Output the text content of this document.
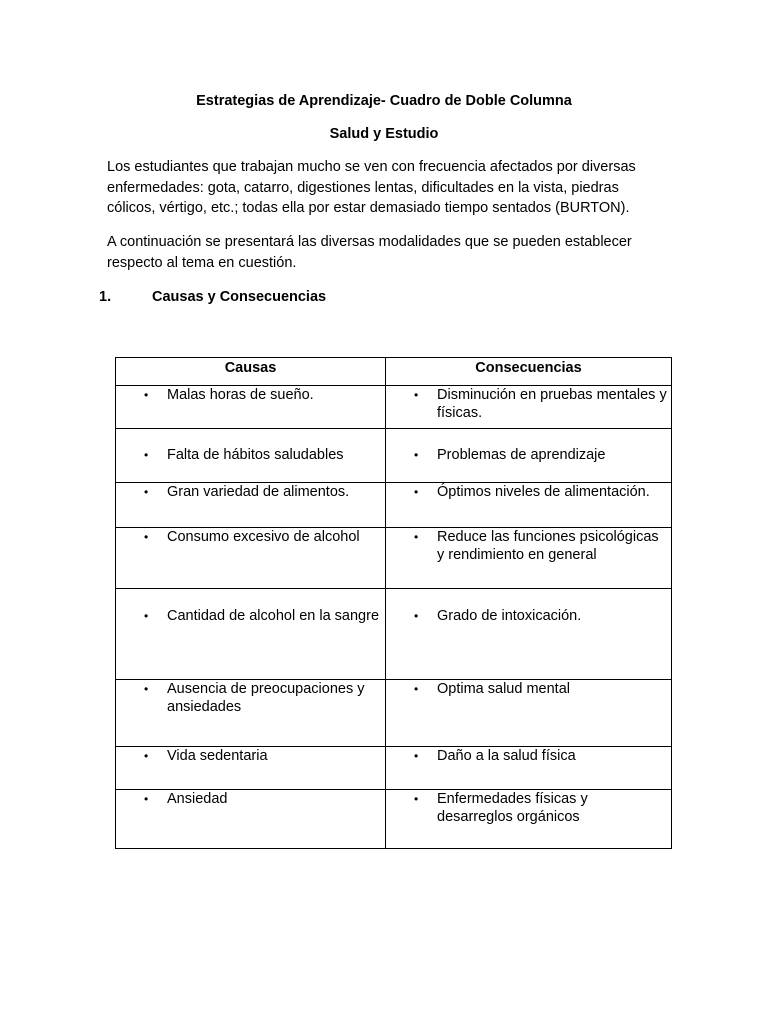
Estrategias de Aprendizaje- Cuadro de Doble Columna
Salud y Estudio

Los estudiantes que trabajan mucho se ven con frecuencia afectados por diversas enfermedades: gota, catarro, digestiones lentas, dificultades en la vista, piedras cólicos, vértigo, etc.; todas ella por estar demasiado tiempo sentados (BURTON).

A continuación se presentará las diversas modalidades que se pueden establecer respecto al tema en cuestión.

1.	Causas y Consecuencias
Causas	Consecuencias

• Malas horas de sueño.	• Disminución en pruebas mentales y físicas.

• Falta de hábitos saludables	• Problemas de aprendizaje

• Gran variedad de alimentos.	• Óptimos niveles de alimentación.

• Consumo excesivo de alcohol	• Reduce las funciones psicológicas y rendimiento en general

• Cantidad de alcohol en la sangre	• Grado de intoxicación.

• Ausencia de preocupaciones y ansiedades	• Optima salud mental

• Vida sedentaria	• Daño a la salud física

• Ansiedad	• Enfermedades físicas y desarreglos orgánicos
